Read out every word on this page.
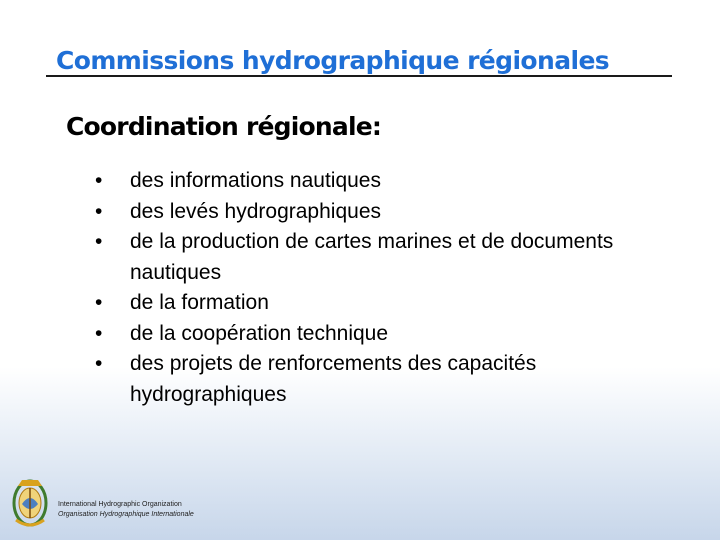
Commissions hydrographique régionales
Coordination régionale:
•	des informations nautiques
•	des levés hydrographiques
•	de la production de cartes marines et de documents nautiques
•	de la formation
•	de la coopération technique
•	des projets de renforcements des capacités hydrographiques
International Hydrographic Organization
Organisation Hydrographique Internationale
